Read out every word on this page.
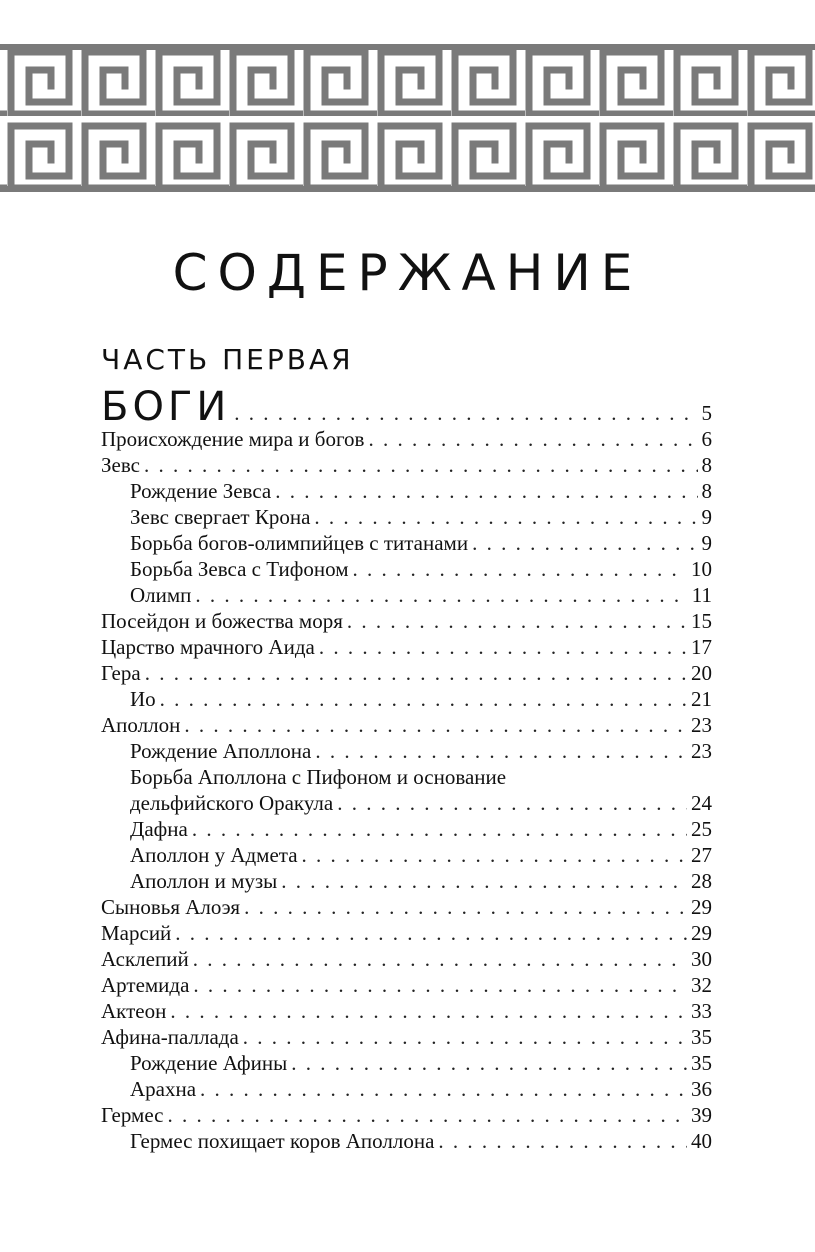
СОДЕРЖАНИЕ
ЧАСТЬ ПЕРВАЯ
БОГИ . . .	5
Происхождение мира и богов . . .	6
Зевс . . .	8
Рождение Зевса . . .	8
Зевс свергает Крона . . .	9
Борьба богов-олимпийцев с титанами . . .	9
Борьба Зевса с Тифоном . . .	10
Олимп . . .	11
Посейдон и божества моря . . .	15
Царство мрачного Аида . . .	17
Гера . . .	20
Ио . . .	21
Аполлон . . .	23
Рождение Аполлона . . .	23
Борьба Аполлона с Пифоном и основание
дельфийского Оракула . . .	24
Дафна . . .	25
Аполлон у Адмета . . .	27
Аполлон и музы . . .	28
Сыновья Алоэя . . .	29
Марсий . . .	29
Асклепий . . .	30
Артемида . . .	32
Актеон . . .	33
Афина-паллада . . .	35
Рождение Афины . . .	35
Арахна . . .	36
Гермес . . .	39
Гермес похищает коров Аполлона . . .	40
